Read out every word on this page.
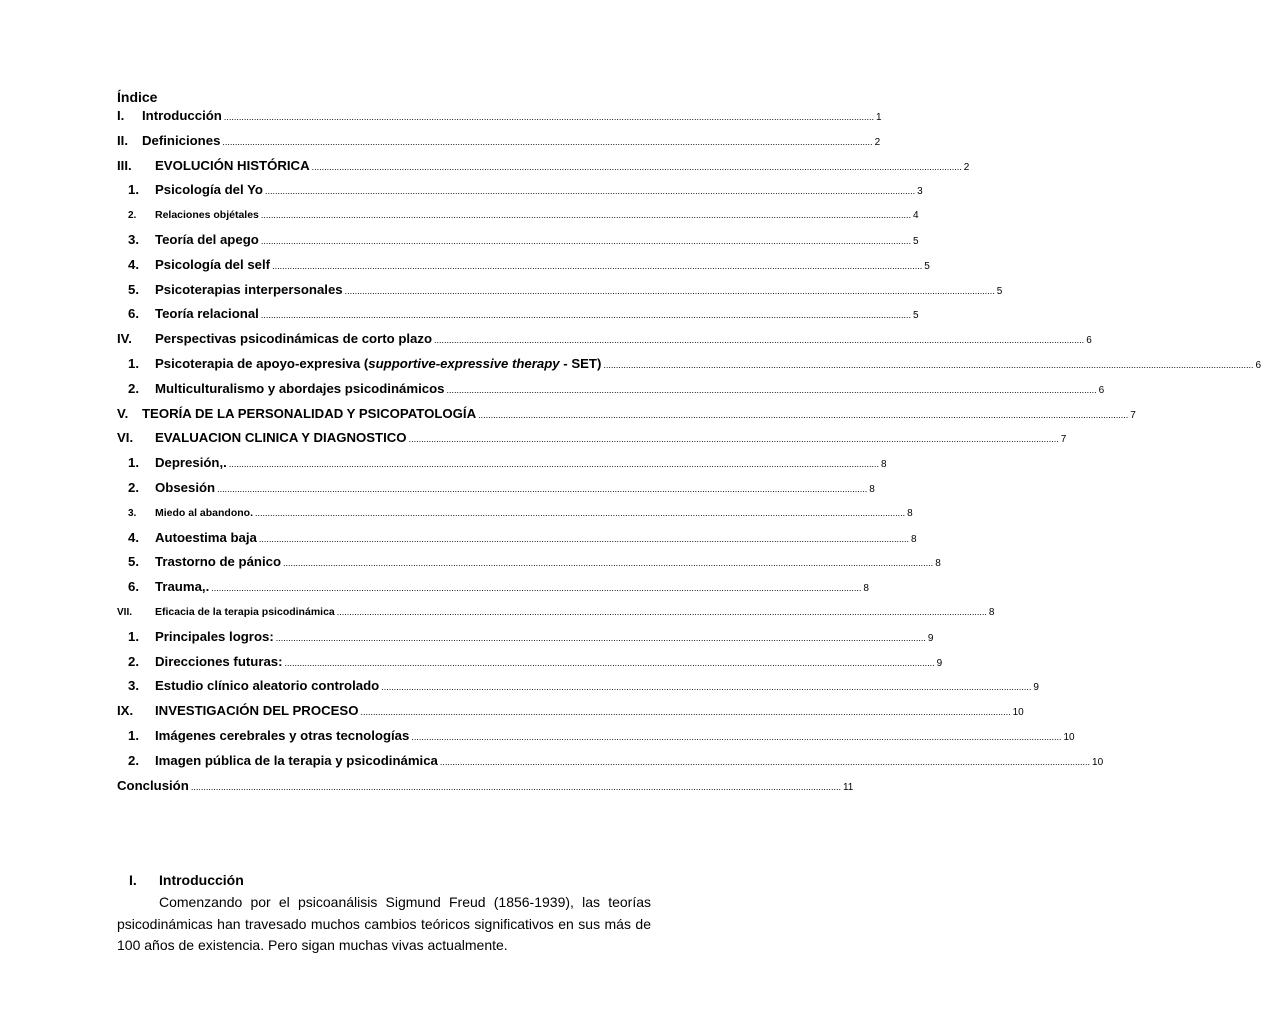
Índice
I.	Introducción .................................................................................................................................................................................................................................................................... 1
II.	Definiciones .................................................................................................................................................................................................................................................................... 2
III.	EVOLUCIÓN HISTÓRICA .................................................................................................................................................................................................................................................................... 2
1.	Psicología del Yo .................................................................................................................................................................................................................................................................... 3
2.	Relaciones objétales .................................................................................................................................................................................................................................................................... 4
3.	Teoría del apego .................................................................................................................................................................................................................................................................... 5
4.	Psicología del self .................................................................................................................................................................................................................................................................... 5
5.	Psicoterapias interpersonales .................................................................................................................................................................................................................................................................... 5
6.	Teoría relacional .................................................................................................................................................................................................................................................................... 5
IV.	Perspectivas psicodinámicas de corto plazo .................................................................................................................................................................................................................................................................... 6
1.	Psicoterapia de apoyo-expresiva (supportive-expressive therapy - SET) .................................................................................................................................................................................................................................................................... 6
2.	Multiculturalismo y abordajes psicodinámicos .................................................................................................................................................................................................................................................................... 6
V.	TEORÍA DE LA PERSONALIDAD Y PSICOPATOLOGÍA .................................................................................................................................................................................................................................................................... 7
VI.	EVALUACION CLINICA Y DIAGNOSTICO .................................................................................................................................................................................................................................................................... 7
1.	Depresión,. .................................................................................................................................................................................................................................................................... 8
2.	Obsesión .................................................................................................................................................................................................................................................................... 8
3.	Miedo al abandono. .................................................................................................................................................................................................................................................................... 8
4.	Autoestima baja .................................................................................................................................................................................................................................................................... 8
5.	Trastorno de pánico .................................................................................................................................................................................................................................................................... 8
6.	Trauma,. .................................................................................................................................................................................................................................................................... 8
VII.	Eficacia de la terapia psicodinámica .................................................................................................................................................................................................................................................................... 8
1.	Principales logros: .................................................................................................................................................................................................................................................................... 9
2.	Direcciones futuras: .................................................................................................................................................................................................................................................................... 9
3.	Estudio clínico aleatorio controlado .................................................................................................................................................................................................................................................................... 9
IX.	INVESTIGACIÓN DEL PROCESO .................................................................................................................................................................................................................................................................... 10
1.	Imágenes cerebrales y otras tecnologías .................................................................................................................................................................................................................................................................... 10
2.	Imagen pública de la terapia y psicodinámica .................................................................................................................................................................................................................................................................... 10
Conclusión .................................................................................................................................................................................................................................................................... 11
I. Introducción

Comenzando por el psicoanálisis Sigmund Freud (1856-1939), las teorías psicodinámicas han travesado muchos cambios teóricos significativos en sus más de 100 años de existencia. Pero sigan muchas vivas actualmente.
